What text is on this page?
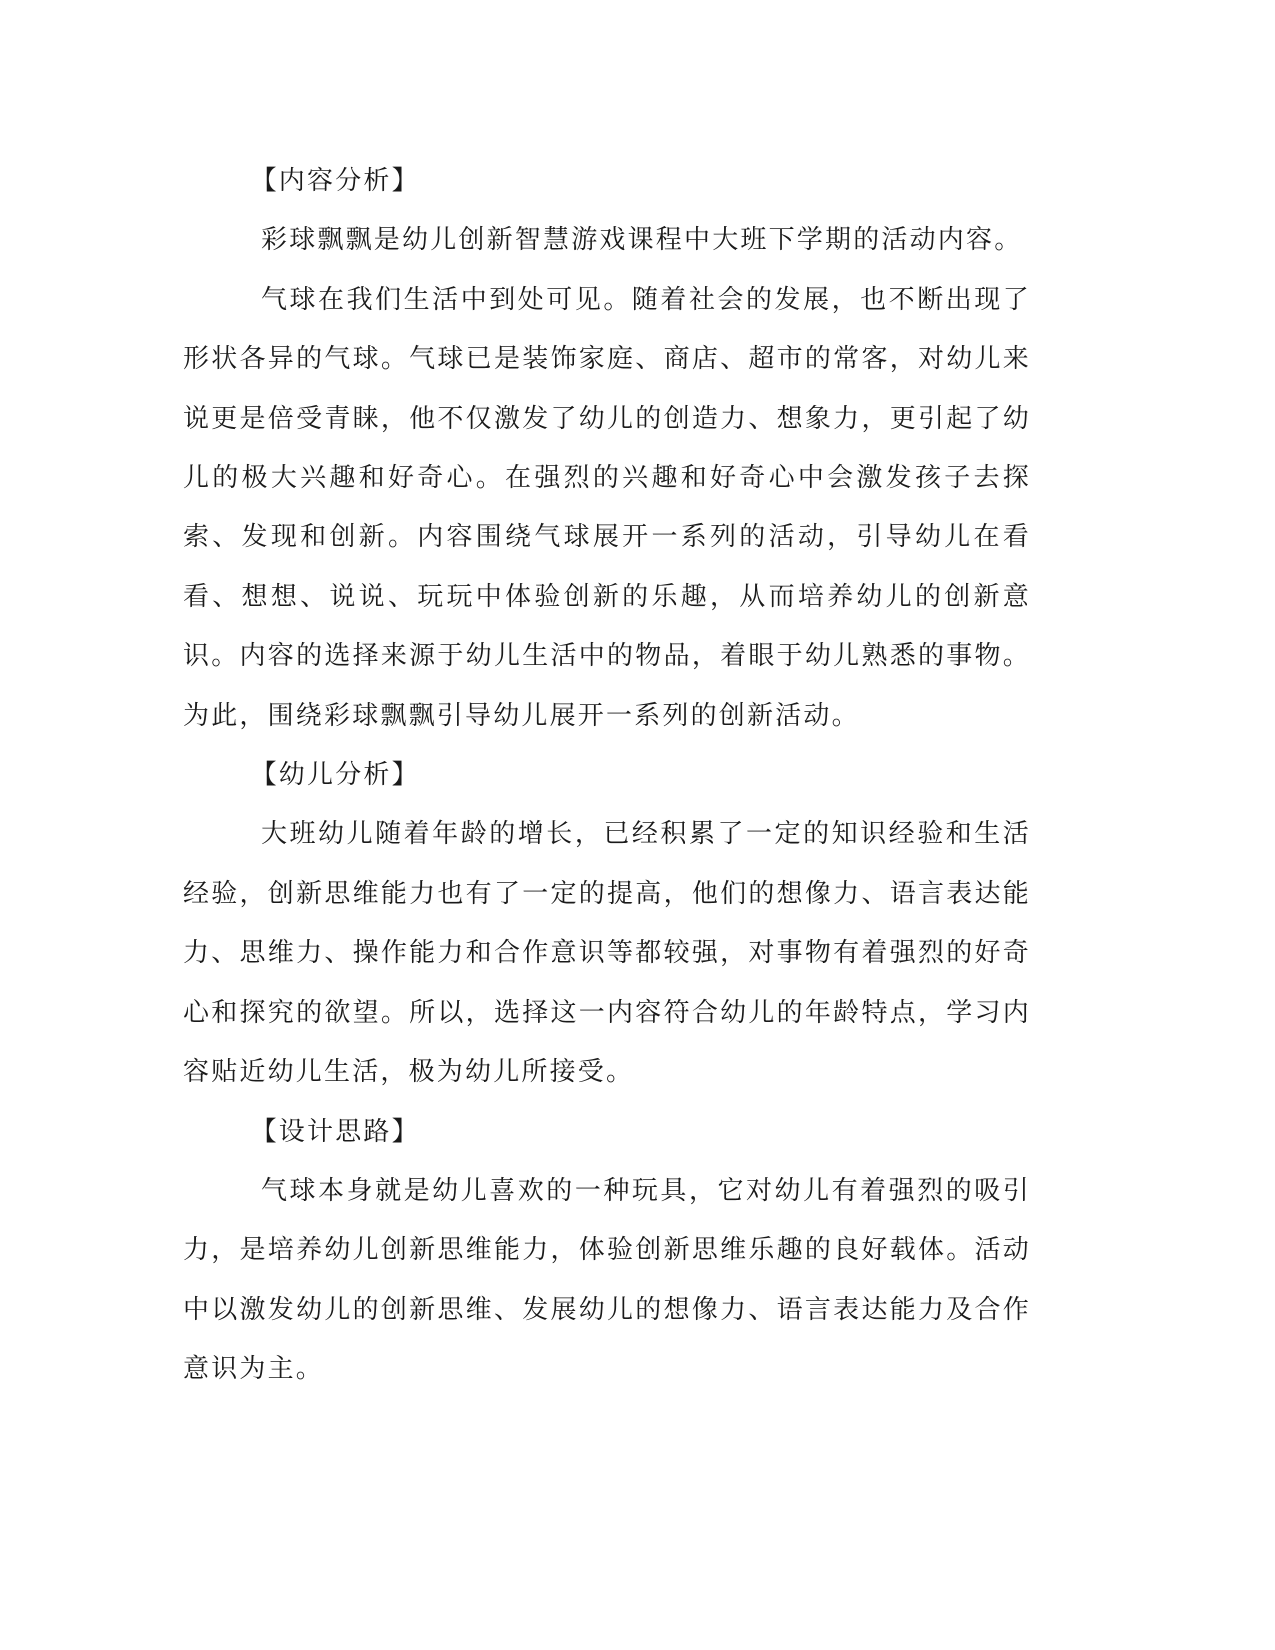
【内容分析】

彩球飘飘是幼儿创新智慧游戏课程中大班下学期的活动内容。

气球在我们生活中到处可见。随着社会的发展，也不断出现了形状各异的气球。气球已是装饰家庭、商店、超市的常客，对幼儿来说更是倍受青睐，他不仅激发了幼儿的创造力、想象力，更引起了幼儿的极大兴趣和好奇心。在强烈的兴趣和好奇心中会激发孩子去探索、发现和创新。内容围绕气球展开一系列的活动，引导幼儿在看看、想想、说说、玩玩中体验创新的乐趣，从而培养幼儿的创新意识。内容的选择来源于幼儿生活中的物品，着眼于幼儿熟悉的事物。为此，围绕彩球飘飘引导幼儿展开一系列的创新活动。

【幼儿分析】

大班幼儿随着年龄的增长，已经积累了一定的知识经验和生活经验，创新思维能力也有了一定的提高，他们的想像力、语言表达能力、思维力、操作能力和合作意识等都较强，对事物有着强烈的好奇心和探究的欲望。所以，选择这一内容符合幼儿的年龄特点，学习内容贴近幼儿生活，极为幼儿所接受。

【设计思路】

气球本身就是幼儿喜欢的一种玩具，它对幼儿有着强烈的吸引力，是培养幼儿创新思维能力，体验创新思维乐趣的良好载体。活动中以激发幼儿的创新思维、发展幼儿的想像力、语言表达能力及合作意识为主。
